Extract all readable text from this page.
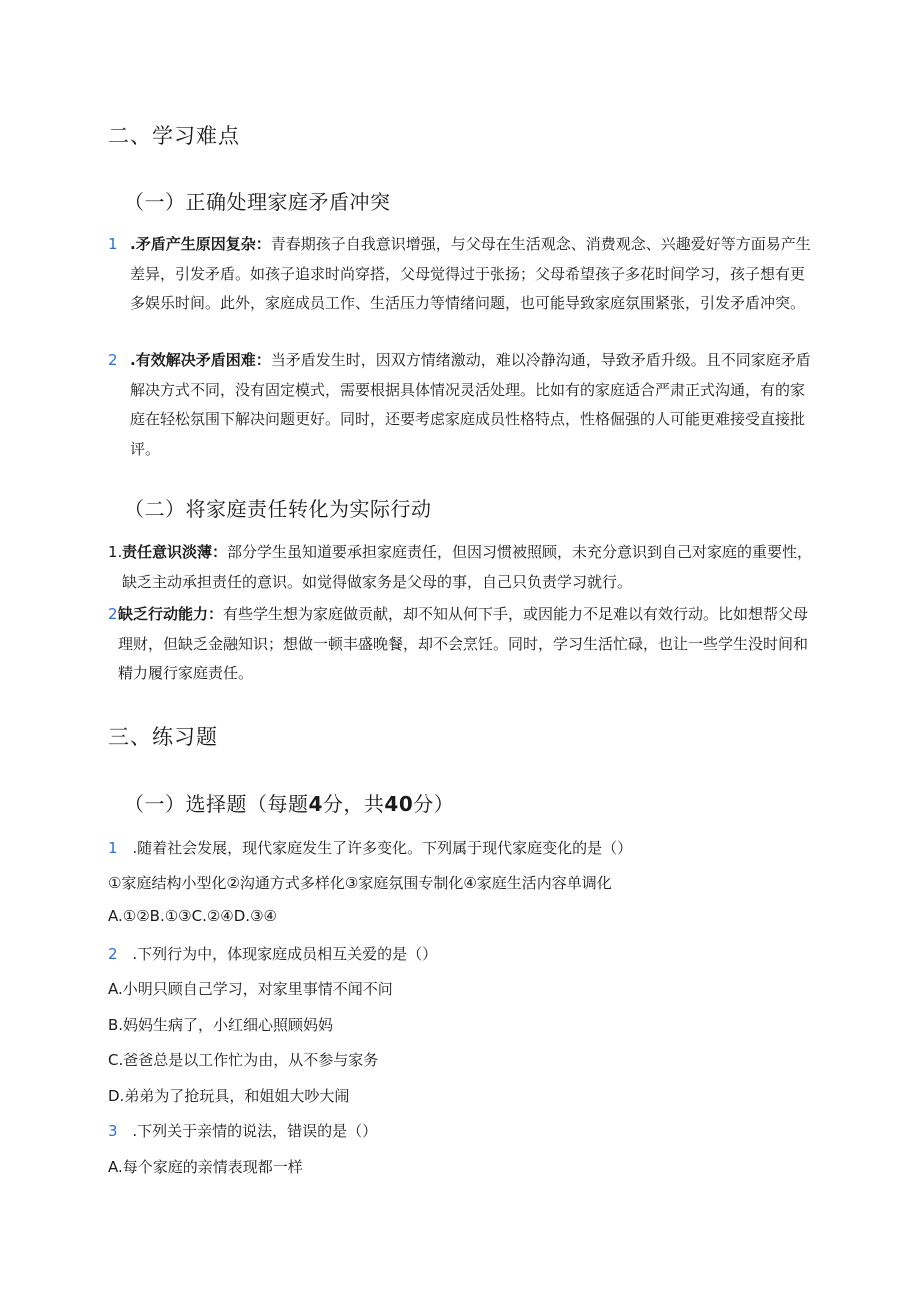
二、学习难点
（一）正确处理家庭矛盾冲突
1 .矛盾产生原因复杂：青春期孩子自我意识增强，与父母在生活观念、消费观念、兴趣爱好等方面易产生差异，引发矛盾。如孩子追求时尚穿搭，父母觉得过于张扬；父母希望孩子多花时间学习，孩子想有更多娱乐时间。此外，家庭成员工作、生活压力等情绪问题，也可能导致家庭氛围紧张，引发矛盾冲突。
2 .有效解决矛盾困难：当矛盾发生时，因双方情绪激动，难以冷静沟通，导致矛盾升级。且不同家庭矛盾解决方式不同，没有固定模式，需要根据具体情况灵活处理。比如有的家庭适合严肃正式沟通，有的家庭在轻松氛围下解决问题更好。同时，还要考虑家庭成员性格特点，性格倔强的人可能更难接受直接批评。
（二）将家庭责任转化为实际行动
1. 责任意识淡薄：部分学生虽知道要承担家庭责任，但因习惯被照顾，未充分意识到自己对家庭的重要性，缺乏主动承担责任的意识。如觉得做家务是父母的事，自己只负责学习就行。
2 缺乏行动能力：有些学生想为家庭做贡献，却不知从何下手，或因能力不足难以有效行动。比如想帮父母理财，但缺乏金融知识；想做一顿丰盛晚餐，却不会烹饪。同时，学习生活忙碌，也让一些学生没时间和精力履行家庭责任。
三、练习题
（一）选择题（每题4分，共40分）
1 .随着社会发展，现代家庭发生了许多变化。下列属于现代家庭变化的是（）
①家庭结构小型化②沟通方式多样化③家庭氛围专制化④家庭生活内容单调化
A.①②B.①③C.②④D.③④
2 .下列行为中，体现家庭成员相互关爱的是（）
A.小明只顾自己学习，对家里事情不闻不问
B.妈妈生病了，小红细心照顾妈妈
C.爸爸总是以工作忙为由，从不参与家务
D.弟弟为了抢玩具，和姐姐大吵大闹
3 .下列关于亲情的说法，错误的是（）
A.每个家庭的亲情表现都一样
